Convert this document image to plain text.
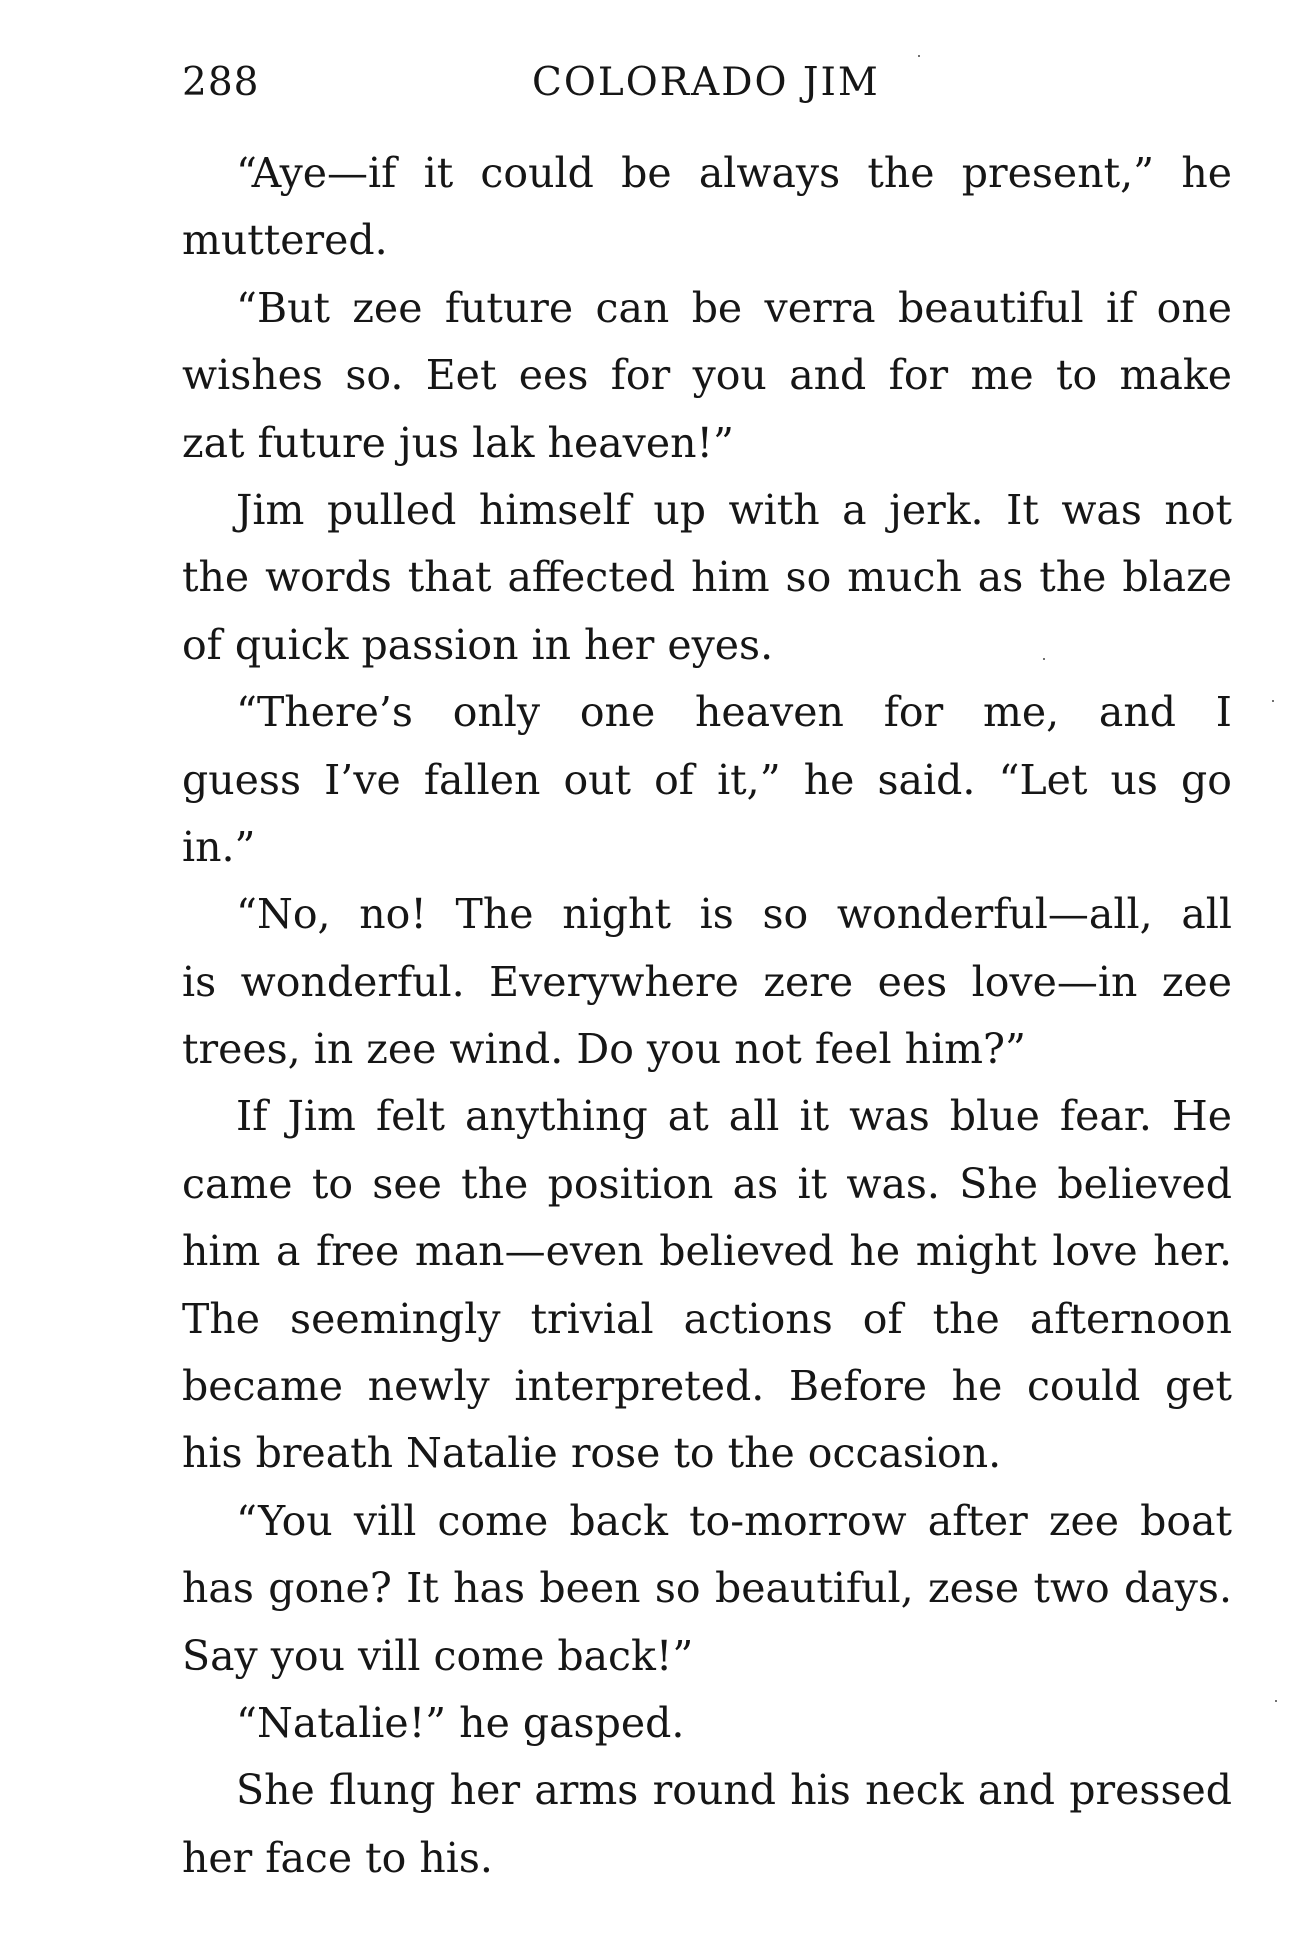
288	COLORADO JIM
“Aye—if it could be always the present,” he
muttered.
“But zee future can be verra beautiful if one
wishes so. Eet ees for you and for me to make
zat future jus lak heaven!”
Jim pulled himself up with a jerk. It was not
the words that affected him so much as the blaze
of quick passion in her eyes.
“There’s only one heaven for me, and I
guess I’ve fallen out of it,” he said. “Let us go
in.”
“No, no! The night is so wonderful—all, all
is wonderful. Everywhere zere ees love—in zee
trees, in zee wind. Do you not feel him?”
If Jim felt anything at all it was blue fear. He
came to see the position as it was. She believed
him a free man—even believed he might love her.
The seemingly trivial actions of the afternoon
became newly interpreted. Before he could get
his breath Natalie rose to the occasion.
“You vill come back to-morrow after zee boat
has gone? It has been so beautiful, zese two days.
Say you vill come back!”
“Natalie!” he gasped.
She flung her arms round his neck and pressed
her face to his.
